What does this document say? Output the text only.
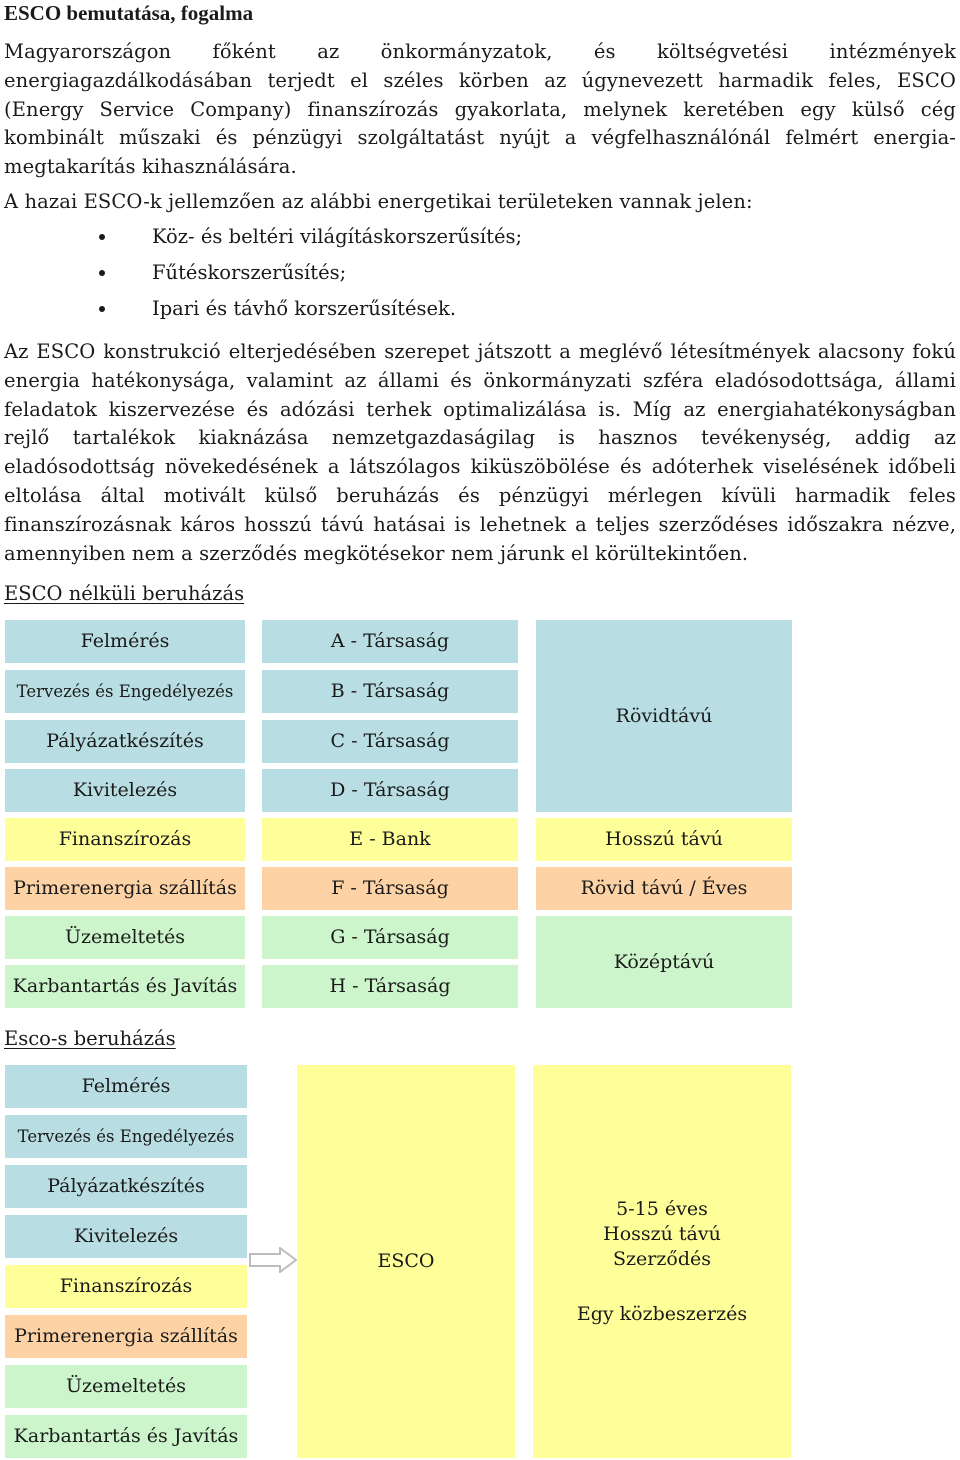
ESCO bemutatása, fogalma
Magyarországon főként az önkormányzatok, és költségvetési intézmények energiagazdálkodásában terjedt el széles körben az úgynevezett harmadik feles, ESCO (Energy Service Company) finanszírozás gyakorlata, melynek keretében egy külső cég kombinált műszaki és pénzügyi szolgáltatást nyújt a végfelhasználónál felmért energia-megtakarítás kihasználására.
A hazai ESCO-k jellemzően az alábbi energetikai területeken vannak jelen:
Köz- és beltéri világításkorszerűsítés;
Fűtéskorszerűsítés;
Ipari és távhő korszerűsítések.
Az ESCO konstrukció elterjedésében szerepet játszott a meglévő létesítmények alacsony fokú energia hatékonysága, valamint az állami és önkormányzati szféra eladósodottsága, állami feladatok kiszervezése és adózási terhek optimalizálása is. Míg az energiahatékonyságban rejlő tartalékok kiaknázása nemzetgazdaságilag is hasznos tevékenység, addig az eladósodottság növekedésének a látszólagos kiküszöbölése és adóterhek viselésének időbeli eltolása által motivált külső beruházás és pénzügyi mérlegen kívüli harmadik feles finanszírozásnak káros hosszú távú hatásai is lehetnek a teljes szerződéses időszakra nézve, amennyiben nem a szerződés megkötésekor nem járunk el körültekintően.
ESCO nélküli beruházás
Felmérés
Tervezés és Engedélyezés
Pályázatkészítés
Kivitelezés
Finanszírozás
Primerenergia szállítás
Üzemeltetés
Karbantartás és Javítás
A - Társaság
B - Társaság
C - Társaság
D - Társaság
E - Bank
F - Társaság
G - Társaság
H - Társaság
Rövidtávú
Hosszú távú
Rövid távú / Éves
Középtávú
Esco-s beruházás
Felmérés
Tervezés és Engedélyezés
Pályázatkészítés
Kivitelezés
Finanszírozás
Primerenergia szállítás
Üzemeltetés
Karbantartás és Javítás
ESCO
5-15 éves
Hosszú távú
Szerződés
Egy közbeszerzés
